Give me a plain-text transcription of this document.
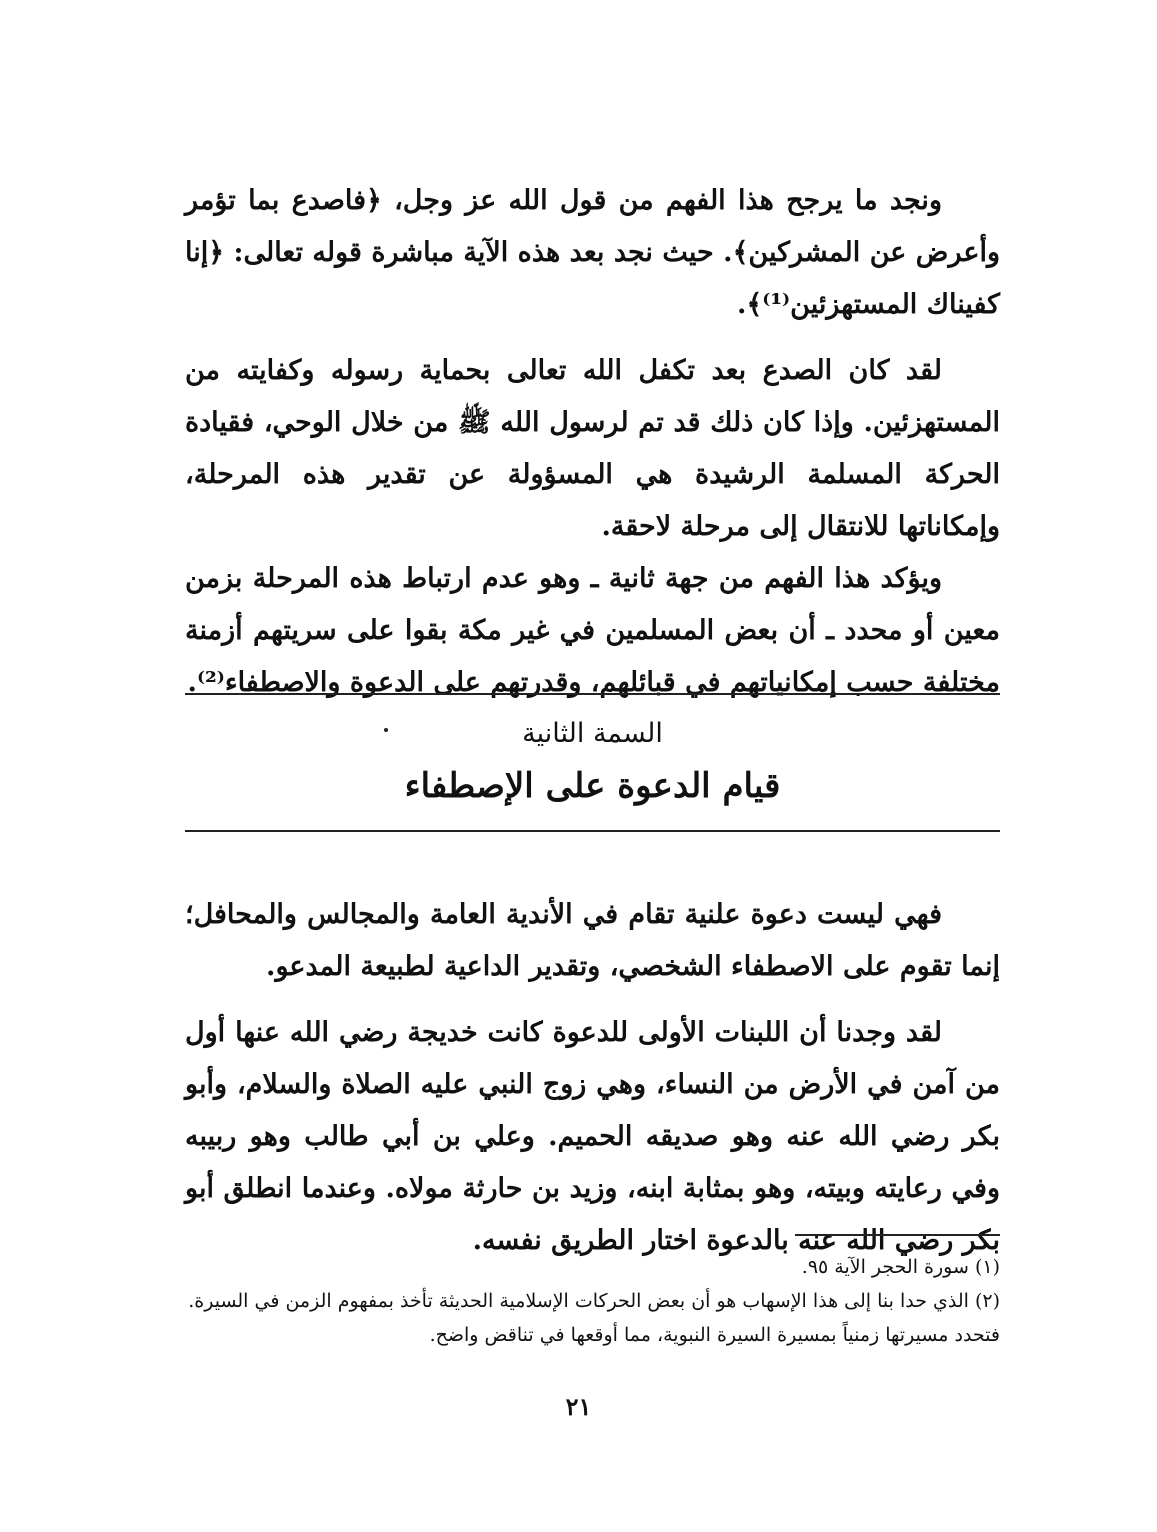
ونجد ما يرجح هذا الفهم من قول الله عز وجل، ﴿فاصدع بما تؤمر وأعرض عن المشركين﴾. حيث نجد بعد هذه الآية مباشرة قوله تعالى: ﴿إنا كفيناك المستهزئين⁽¹⁾﴾.

لقد كان الصدع بعد تكفل الله تعالى بحماية رسوله وكفايته من المستهزئين. وإذا كان ذلك قد تم لرسول الله ﷺ من خلال الوحي، فقيادة الحركة المسلمة الرشيدة هي المسؤولة عن تقدير هذه المرحلة، وإمكاناتها للانتقال إلى مرحلة لاحقة.

ويؤكد هذا الفهم من جهة ثانية ـ وهو عدم ارتباط هذه المرحلة بزمن معين أو محدد ـ أن بعض المسلمين في غير مكة بقوا على سريتهم أزمنة مختلفة حسب إمكانياتهم في قبائلهم، وقدرتهم على الدعوة والاصطفاء⁽²⁾.

السمة الثانية
قيام الدعوة على الإصطفاء

فهي ليست دعوة علنية تقام في الأندية العامة والمجالس والمحافل؛ إنما تقوم على الاصطفاء الشخصي، وتقدير الداعية لطبيعة المدعو.

لقد وجدنا أن اللبنات الأولى للدعوة كانت خديجة رضي الله عنها أول من آمن في الأرض من النساء، وهي زوج النبي عليه الصلاة والسلام، وأبو بكر رضي الله عنه وهو صديقه الحميم. وعلي بن أبي طالب وهو ربيبه وفي رعايته وبيته، وهو بمثابة ابنه، وزيد بن حارثة مولاه. وعندما انطلق أبو بكر رضي الله عنه بالدعوة اختار الطريق نفسه.

(١) سورة الحجر الآية ٩٥.
(٢) الذي حدا بنا إلى هذا الإسهاب هو أن بعض الحركات الإسلامية الحديثة تأخذ بمفهوم الزمن في السيرة. فتحدد مسيرتها زمنياً بمسيرة السيرة النبوية، مما أوقعها في تناقض واضح.
٢١
